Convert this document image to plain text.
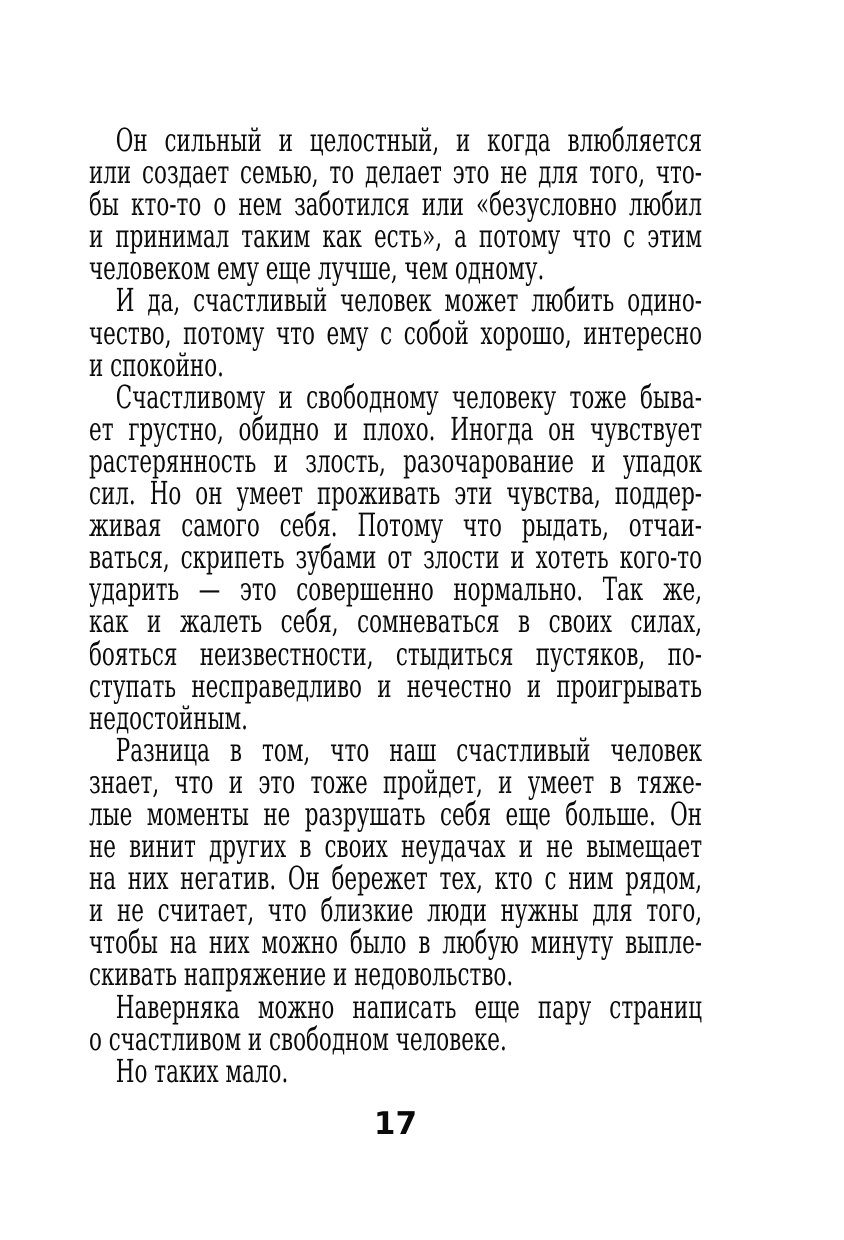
Он сильный и целостный, и когда влюбляется
или создает семью, то делает это не для того, что-
бы кто-то о нем заботился или «безусловно любил
и принимал таким как есть», а потому что с этим
человеком ему еще лучше, чем одному.
И да, счастливый человек может любить одино-
чество, потому что ему с собой хорошо, интересно
и спокойно.
Счастливому и свободному человеку тоже быва-
ет грустно, обидно и плохо. Иногда он чувствует
растерянность и злость, разочарование и упадок
сил. Но он умеет проживать эти чувства, поддер-
живая самого себя. Потому что рыдать, отчаи-
ваться, скрипеть зубами от злости и хотеть кого-то
ударить — это совершенно нормально. Так же,
как и жалеть себя, сомневаться в своих силах,
бояться неизвестности, стыдиться пустяков, по-
ступать несправедливо и нечестно и проигрывать
недостойным.
Разница в том, что наш счастливый человек
знает, что и это тоже пройдет, и умеет в тяже-
лые моменты не разрушать себя еще больше. Он
не винит других в своих неудачах и не вымещает
на них негатив. Он бережет тех, кто с ним рядом,
и не считает, что близкие люди нужны для того,
чтобы на них можно было в любую минуту выпле-
скивать напряжение и недовольство.
Наверняка можно написать еще пару страниц
о счастливом и свободном человеке.
Но таких мало.
17
